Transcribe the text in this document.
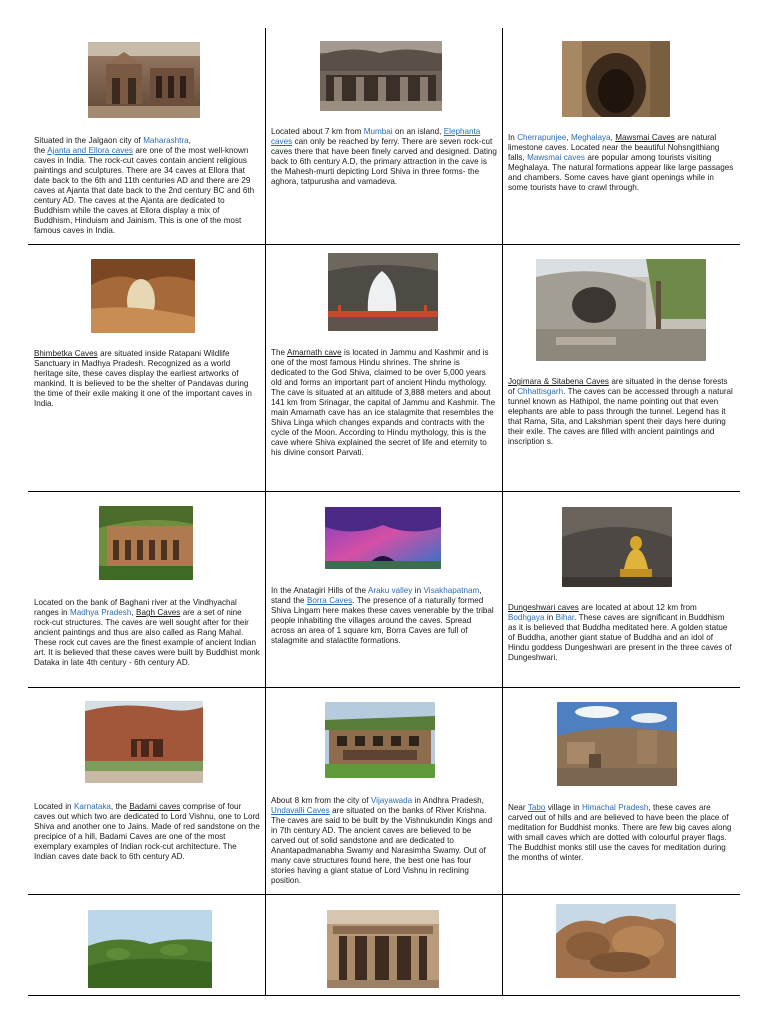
Situated in the Jalgaon city of Maharashtra,
the Ajanta and Ellora caves are one of the most well-known caves in India. The rock-cut caves contain ancient religious paintings and sculptures. There are 34 caves at Ellora that date back to the 6th and 11th centuries AD and there are 29 caves at Ajanta that date back to the 2nd century BC and 6th century AD. The caves at the Ajanta are dedicated to Buddhism while the caves at Ellora display a mix of Buddhism, Hinduism and Jainism. This is one of the most famous caves in India.
Located about 7 km from Mumbai on an island, Elephanta caves can only be reached by ferry. There are seven rock-cut caves there that have been finely carved and designed. Dating back to 6th century A.D, the primary attraction in the cave is the Mahesh-murti depicting Lord Shiva in three forms- the aghora, tatpurusha and vamadeva.
In Cherrapunjee, Meghalaya, Mawsmai Caves are natural limestone caves. Located near the beautiful Nohsngithiang falls, Mawsmai caves are popular among tourists visiting Meghalaya. The natural formations appear like large passages and chambers. Some caves have giant openings while in some tourists have to crawl through.
Bhimbetka Caves are situated inside Ratapani Wildlife Sanctuary in Madhya Pradesh. Recognized as a world heritage site, these caves display the earliest artworks of mankind. It is believed to be the shelter of Pandavas during the time of their exile making it one of the important caves in India.
The Amarnath cave is located in Jammu and Kashmir and is one of the most famous Hindu shrines. The shrine is dedicated to the God Shiva, claimed to be over 5,000 years old and forms an important part of ancient Hindu mythology. The cave is situated at an altitude of 3,888 meters and about 141 km from Srinagar, the capital of Jammu and Kashmir. The main Amarnath cave has an ice stalagmite that resembles the Shiva Linga which changes expands and contracts with the cycle of the Moon. According to Hindu mythology, this is the cave where Shiva explained the secret of life and eternity to his divine consort Parvati.
Jogimara & Sitabena Caves are situated in the dense forests of Chhattisgarh. The caves can be accessed through a natural tunnel known as Hathipol, the name pointing out that even elephants are able to pass through the tunnel. Legend has it that Rama, Sita, and Lakshman spent their days here during their exile. The caves are filled with ancient paintings and inscription s.
Located on the bank of Baghani river at the Vindhyachal ranges in Madhya Pradesh, Bagh Caves are a set of nine rock-cut structures. The caves are well sought after for their ancient paintings and thus are also called as Rang Mahal. These rock cut caves are the finest example of ancient Indian art. It is believed that these caves were built by Buddhist monk Dataka in late 4th century - 6th century AD.
In the Anatagiri Hills of the Araku valley in Visakhapatnam, stand the Borra Caves. The presence of a naturally formed Shiva Lingam here makes these caves venerable by the tribal people inhabiting the villages around the caves. Spread across an area of 1 square km, Borra Caves are full of stalagmite and stalactite formations.
Dungeshwari caves are located at about 12 km from Bodhgaya in Bihar. These caves are significant in Buddhism as it is believed that Buddha meditated here. A golden statue of Buddha, another giant statue of Buddha and an idol of Hindu goddess Dungeshwari are present in the three caves of Dungeshwari.
Located in Karnataka, the Badami caves comprise of four caves out which two are dedicated to Lord Vishnu, one to Lord Shiva and another one to Jains. Made of red sandstone on the precipice of a hill, Badami Caves are one of the most exemplary examples of Indian rock-cut architecture. The Indian caves date back to 6th century AD.
About 8 km from the city of Vijayawada in Andhra Pradesh, Undavalli Caves are situated on the banks of River Krishna. The caves are said to be built by the Vishnukundin Kings and in 7th century AD. The ancient caves are believed to be carved out of solid sandstone and are dedicated to Anantapadmanabha Swamy and Narasimha Swamy. Out of many cave structures found here, the best one has four stories having a giant statue of Lord Vishnu in reclining position.
Near Tabo village in Himachal Pradesh, these caves are carved out of hills and are believed to have been the place of meditation for Buddhist monks. There are few big caves along with small caves which are dotted with colourful prayer flags. The Buddhist monks still use the caves for meditation during the months of winter.
